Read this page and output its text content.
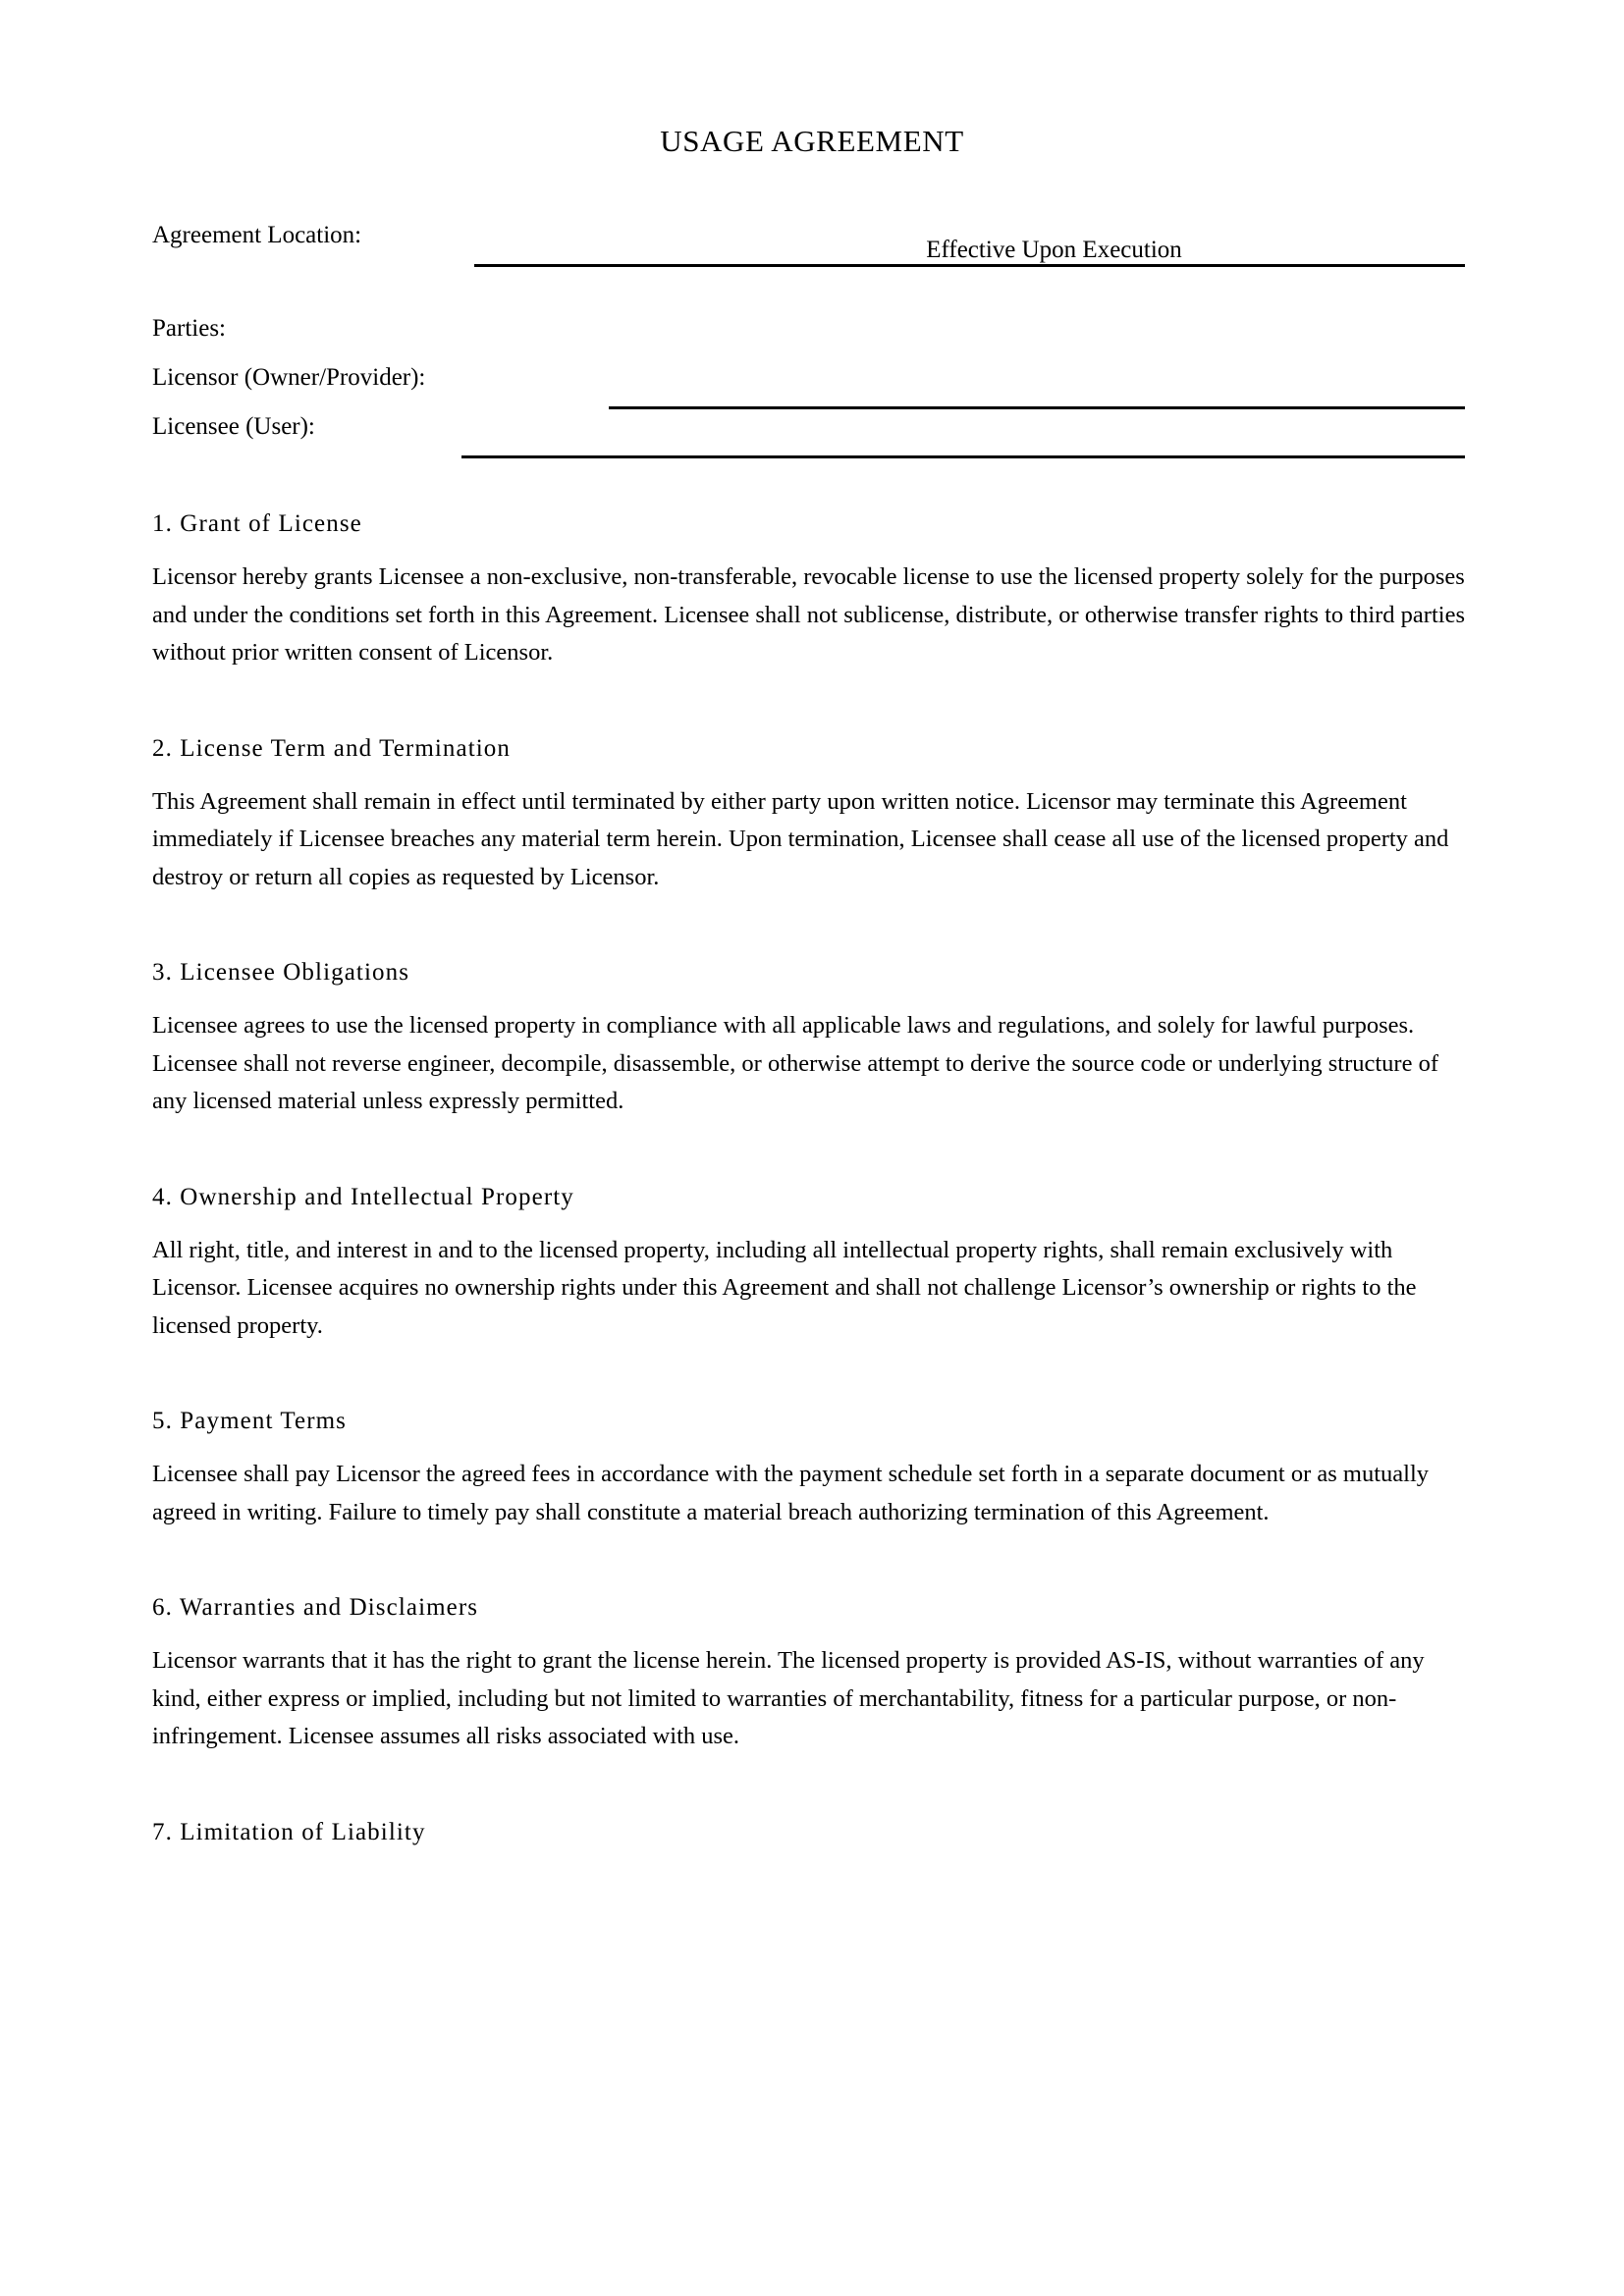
USAGE AGREEMENT
Agreement Location:
Effective Upon Execution
Parties:
Licensor (Owner/Provider):
Licensee (User):
1. Grant of License

Licensor hereby grants Licensee a non-exclusive, non-transferable, revocable license to use the licensed property solely for the purposes and under the conditions set forth in this Agreement. Licensee shall not sublicense, distribute, or otherwise transfer rights to third parties without prior written consent of Licensor.

2. License Term and Termination

This Agreement shall remain in effect until terminated by either party upon written notice. Licensor may terminate this Agreement immediately if Licensee breaches any material term herein. Upon termination, Licensee shall cease all use of the licensed property and destroy or return all copies as requested by Licensor.

3. Licensee Obligations

Licensee agrees to use the licensed property in compliance with all applicable laws and regulations, and solely for lawful purposes. Licensee shall not reverse engineer, decompile, disassemble, or otherwise attempt to derive the source code or underlying structure of any licensed material unless expressly permitted.

4. Ownership and Intellectual Property

All right, title, and interest in and to the licensed property, including all intellectual property rights, shall remain exclusively with Licensor. Licensee acquires no ownership rights under this Agreement and shall not challenge Licensor’s ownership or rights to the licensed property.

5. Payment Terms

Licensee shall pay Licensor the agreed fees in accordance with the payment schedule set forth in a separate document or as mutually agreed in writing. Failure to timely pay shall constitute a material breach authorizing termination of this Agreement.

6. Warranties and Disclaimers

Licensor warrants that it has the right to grant the license herein. The licensed property is provided AS-IS, without warranties of any kind, either express or implied, including but not limited to warranties of merchantability, fitness for a particular purpose, or non-infringement. Licensee assumes all risks associated with use.

7. Limitation of Liability
